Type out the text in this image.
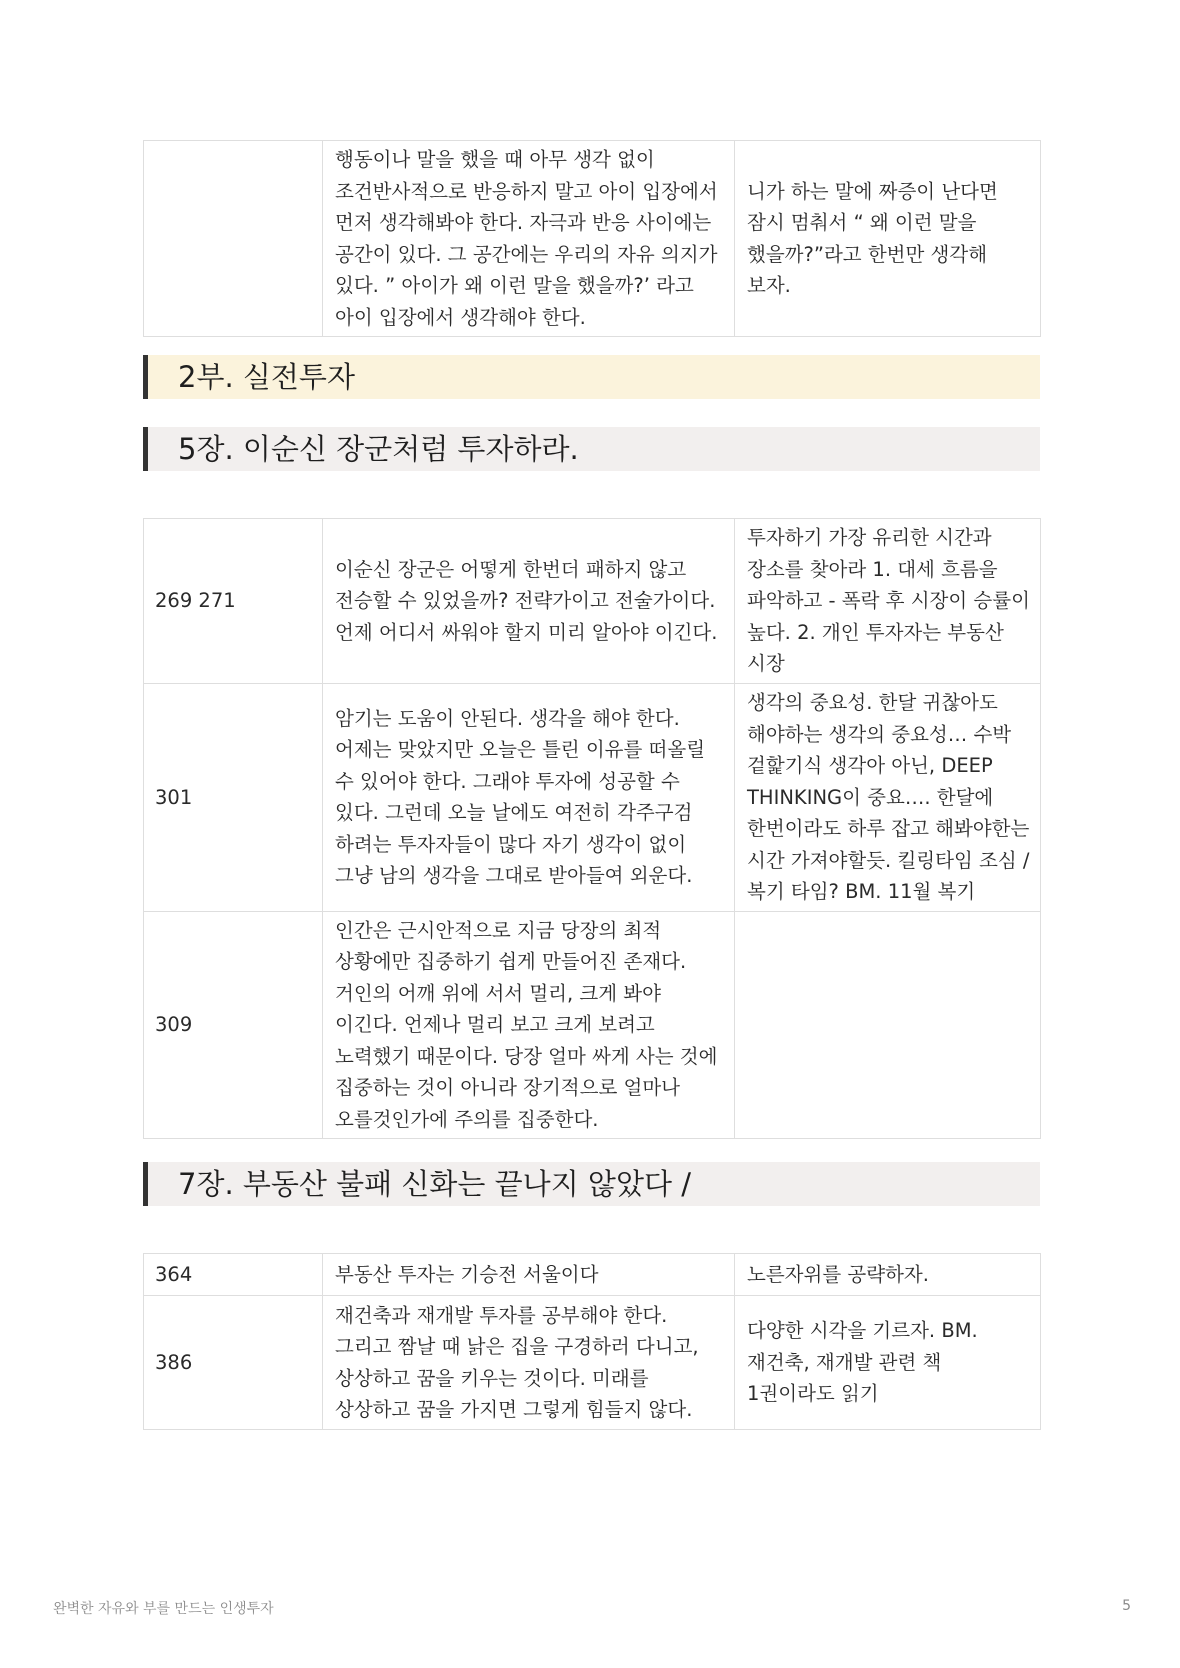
	행동이나 말을 했을 때 아무 생각 없이 조건반사적으로 반응하지 말고 아이 입장에서 먼저 생각해봐야 한다. 자극과 반응 사이에는 공간이 있다. 그 공간에는 우리의 자유 의지가 있다. ” 아이가 왜 이런 말을 했을까?’ 라고 아이 입장에서 생각해야 한다.	니가 하는 말에 짜증이 난다면 잠시 멈춰서 “ 왜 이런 말을 했을까?”라고 한번만 생각해 보자.
2부. 실전투자
5장. 이순신 장군처럼 투자하라.
269 271	이순신 장군은 어떻게 한번더 패하지 않고 전승할 수 있었을까? 전략가이고 전술가이다. 언제 어디서 싸워야 할지 미리 알아야 이긴다.	투자하기 가장 유리한 시간과 장소를 찾아라 1. 대세 흐름을 파악하고 - 폭락 후 시장이 승률이 높다. 2. 개인 투자자는 부동산 시장
301	암기는 도움이 안된다. 생각을 해야 한다. 어제는 맞았지만 오늘은 틀린 이유를 떠올릴 수 있어야 한다. 그래야 투자에 성공할 수 있다. 그런데 오늘 날에도 여전히 각주구검 하려는 투자자들이 많다 자기 생각이 없이 그냥 남의 생각을 그대로 받아들여 외운다.	생각의 중요성. 한달 귀찮아도 해야하는 생각의 중요성… 수박 겉핥기식 생각아 아닌, DEEP THINKING이 중요…. 한달에 한번이라도 하루 잡고 해봐야한는 시간 가져야할듯. 킬링타임 조심 / 복기 타임? BM. 11월 복기
309	인간은 근시안적으로 지금 당장의 최적 상황에만 집중하기 쉽게 만들어진 존재다. 거인의 어깨 위에 서서 멀리, 크게 봐야 이긴다. 언제나 멀리 보고 크게 보려고 노력했기 때문이다. 당장 얼마 싸게 사는 것에 집중하는 것이 아니라 장기적으로 얼마나 오를것인가에 주의를 집중한다.	
7장. 부동산 불패 신화는 끝나지 않았다 /
364	부동산 투자는 기승전 서울이다	노른자위를 공략하자.
386	재건축과 재개발 투자를 공부해야 한다. 그리고 짬날 때 낡은 집을 구경하러 다니고, 상상하고 꿈을 키우는 것이다. 미래를 상상하고 꿈을 가지면 그렇게 힘들지 않다.	다양한 시각을 기르자. BM. 재건축, 재개발 관련 책 1권이라도 읽기
완벽한 자유와 부를 만드는 인생투자	5
